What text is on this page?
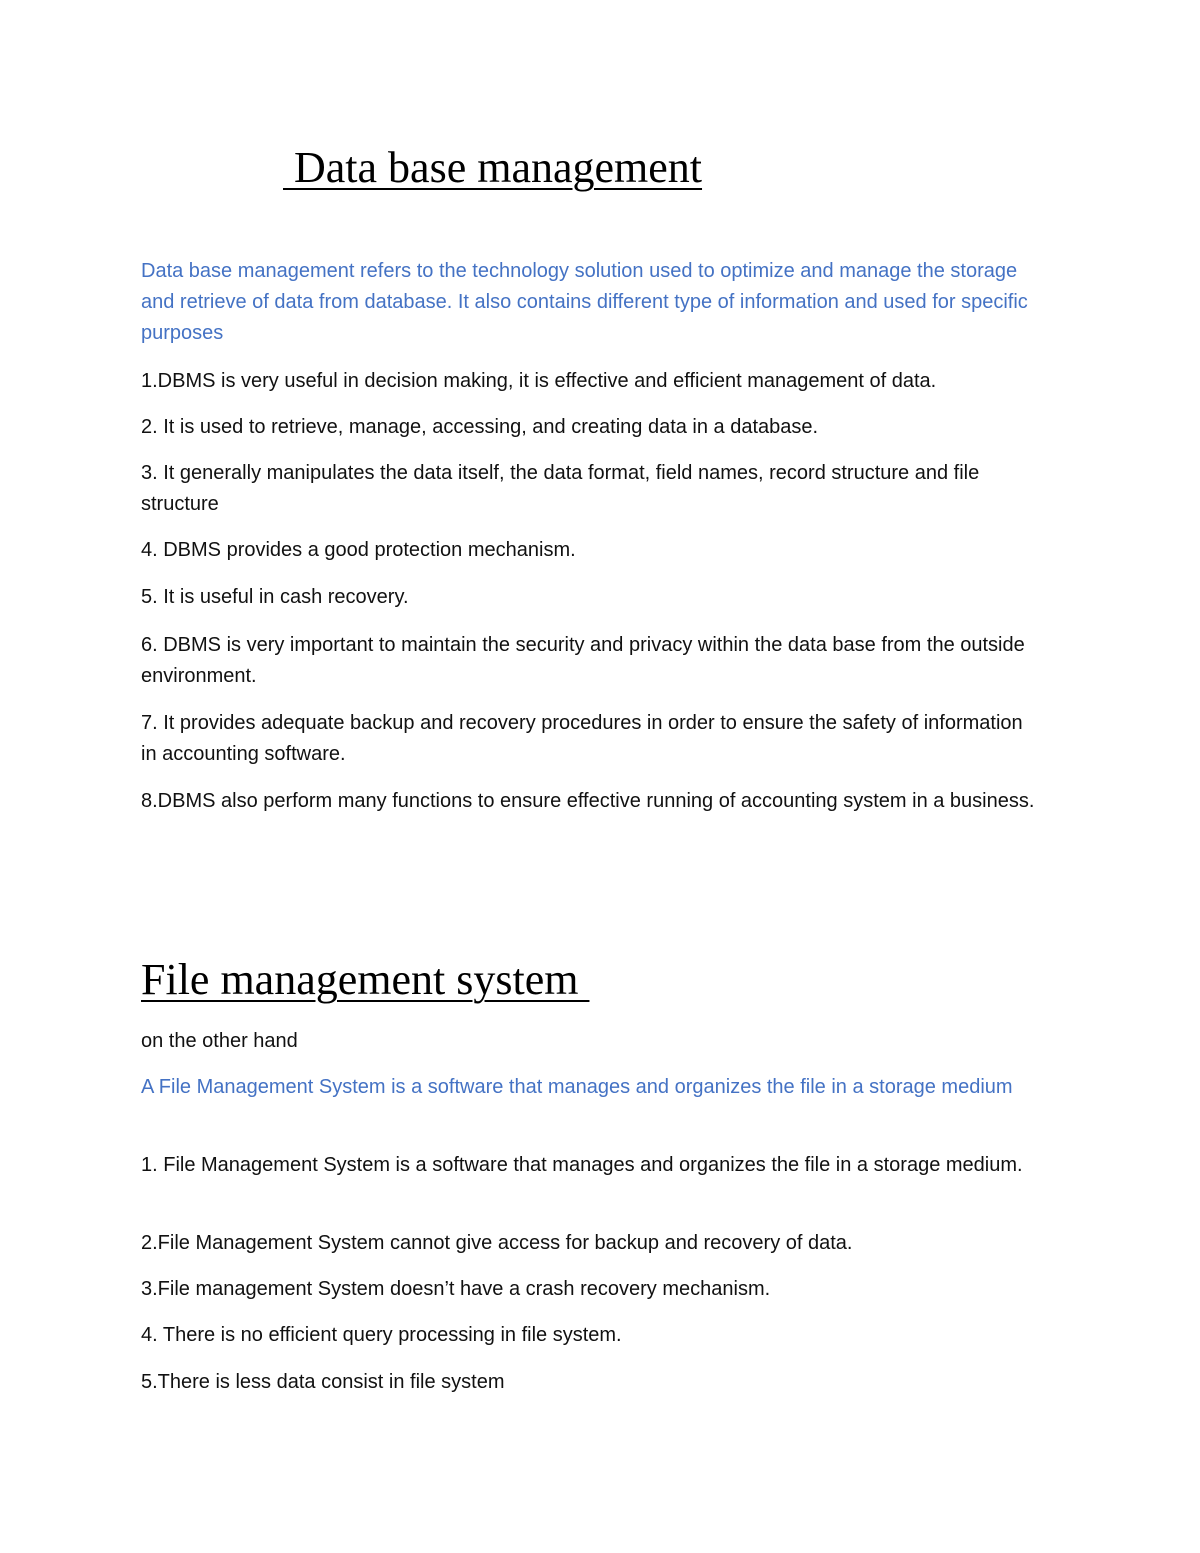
Data base management

Data base management refers to the technology solution used to optimize and manage the storage and retrieve of data from database. It also contains different type of information and used for specific purposes

1.DBMS is very useful in decision making, it is effective and efficient management of data.

2. It is used to retrieve, manage, accessing, and creating data in a database.

3. It generally manipulates the data itself, the data format, field names, record structure and file structure

4. DBMS provides a good protection mechanism.

5. It is useful in cash recovery.

6. DBMS is very important to maintain the security and privacy within the data base from the outside environment.

7. It provides adequate backup and recovery procedures in order to ensure the safety of information in accounting software.

8.DBMS also perform many functions to ensure effective running of accounting system in a business.

File management system

on the other hand

A File Management System is a software that manages and organizes the file in a storage medium

1. File Management System is a software that manages and organizes the file in a storage medium.

2.File Management System cannot give access for backup and recovery of data.

3.File management System doesn’t have a crash recovery mechanism.

4. There is no efficient query processing in file system.

5.There is less data consist in file system
